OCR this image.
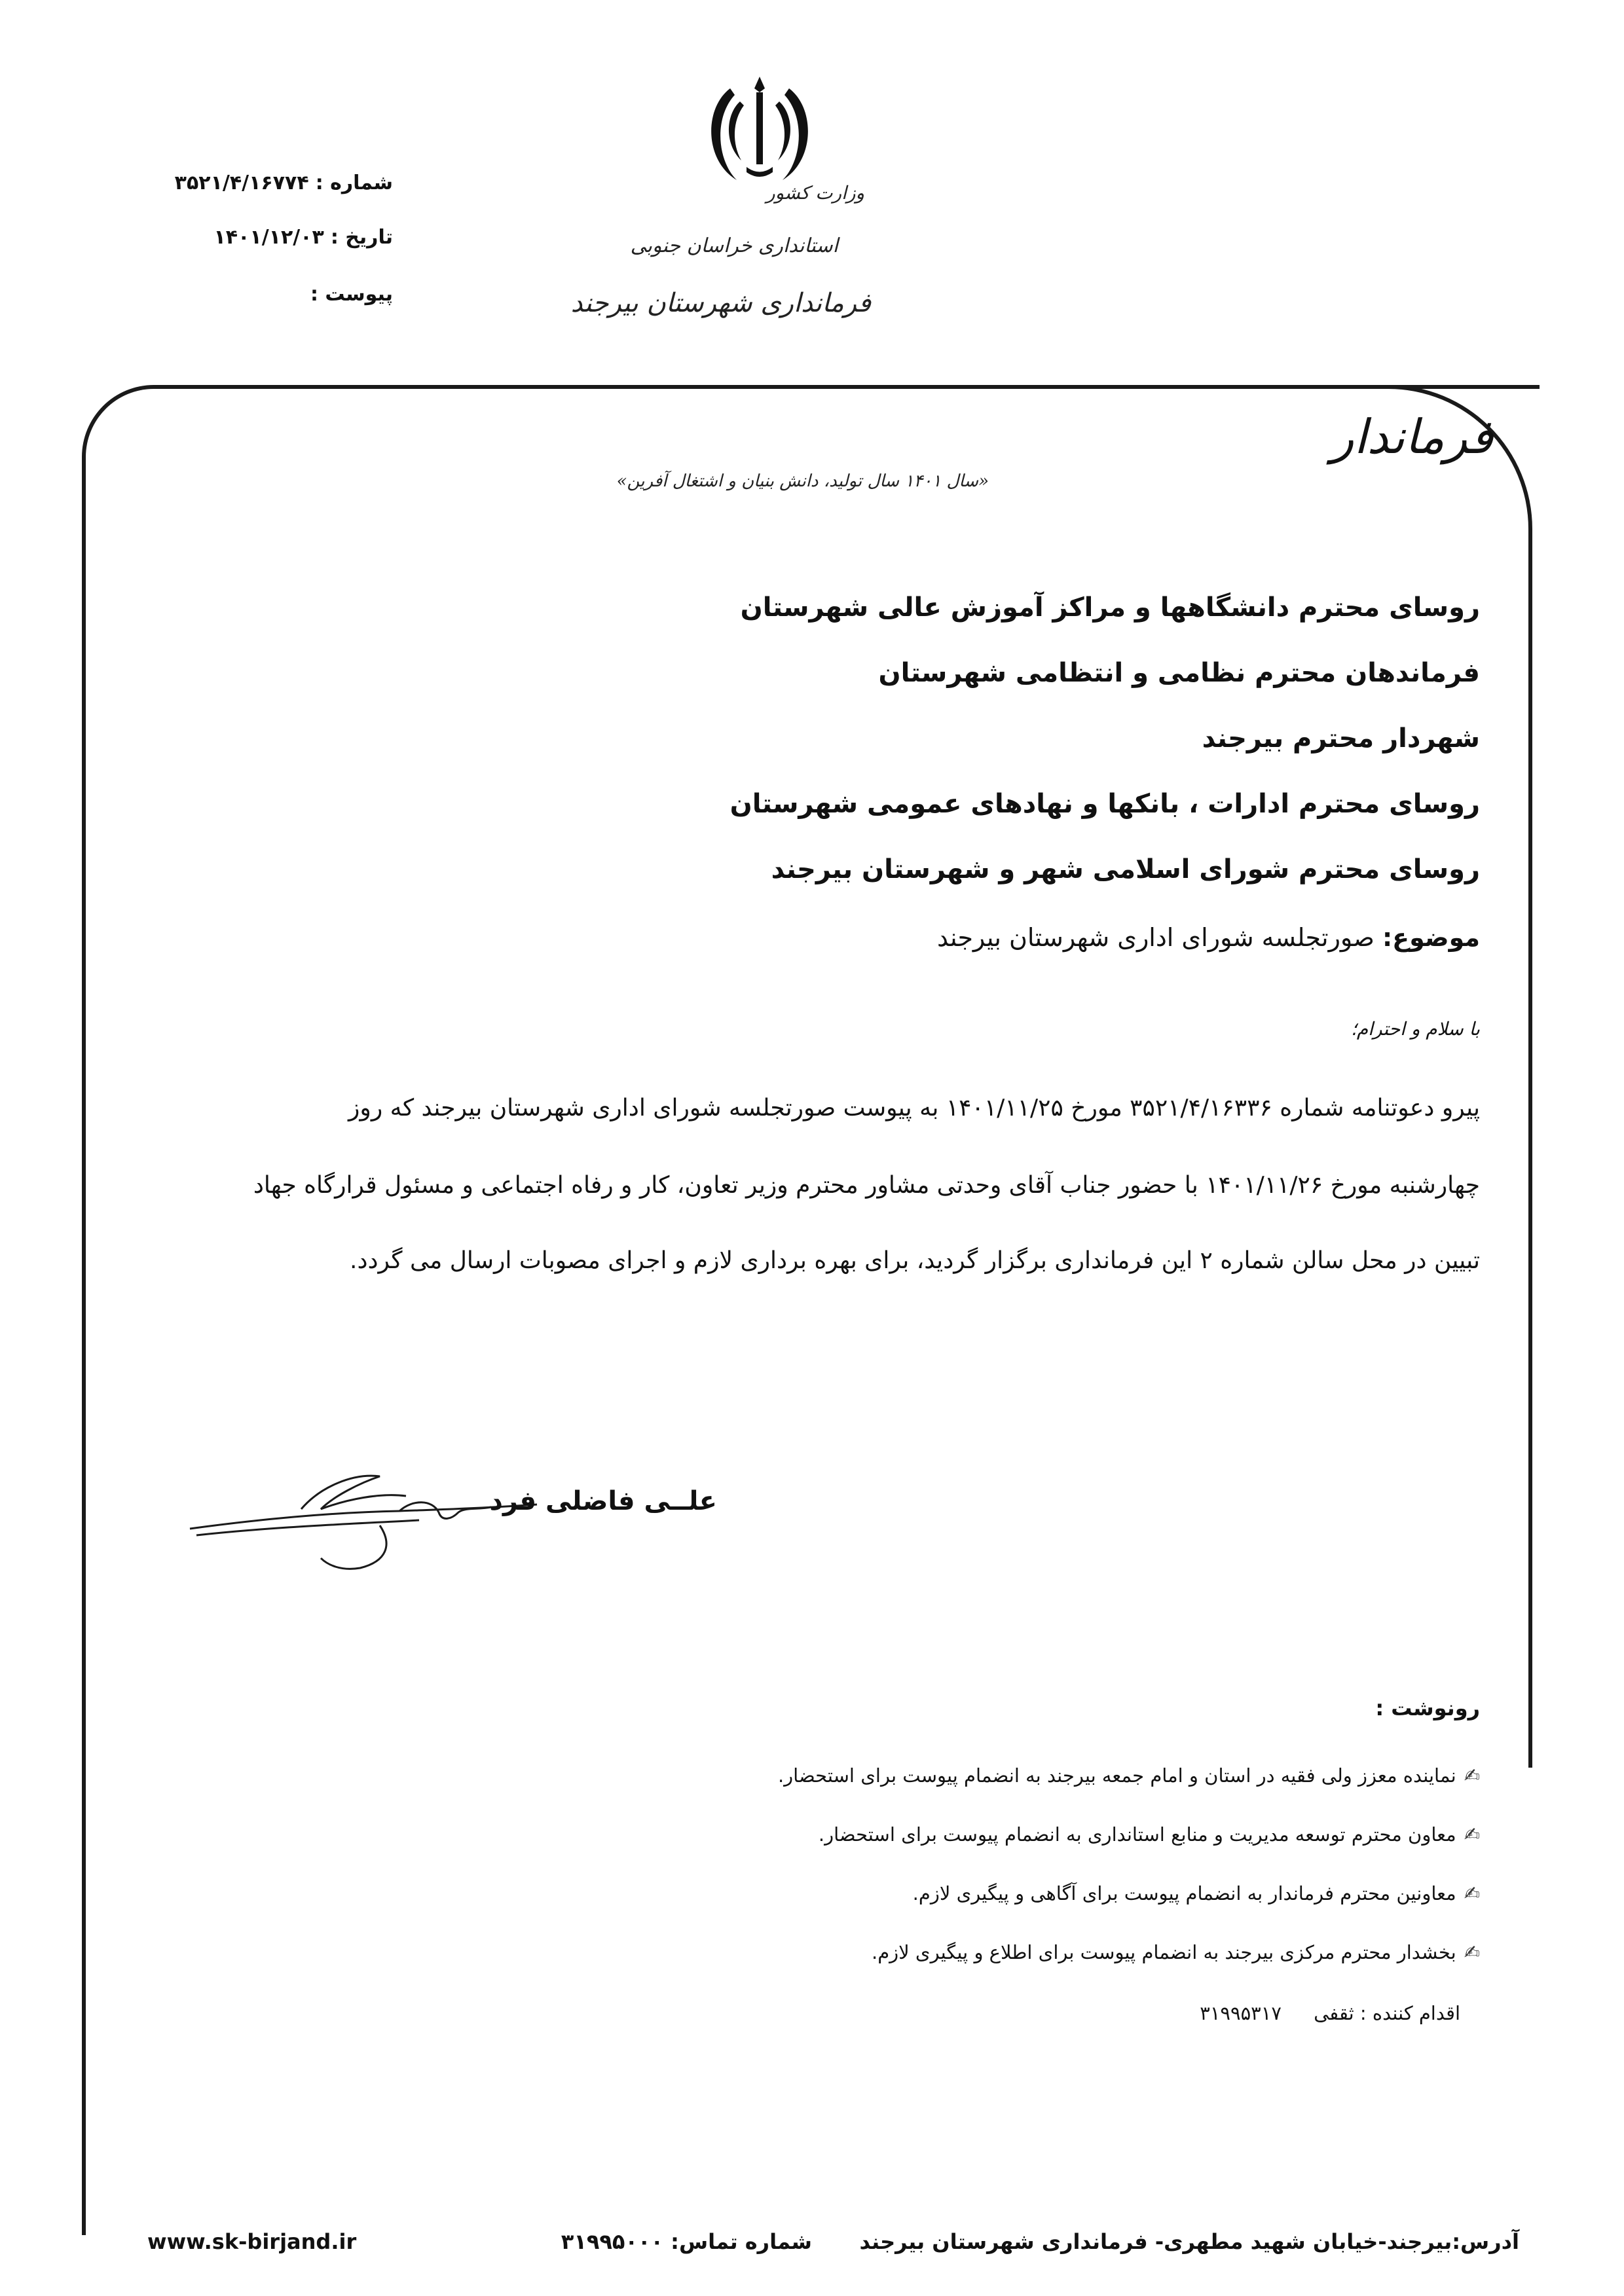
شماره :۳۵۲۱/۴/۱۶۷۷۴
تاریخ :۱۴۰۱/۱۲/۰۳
پیوست :
وزارت کشور
استانداری خراسان جنوبی
فرمانداری شهرستان بیرجند
فرماندار
«سال ۱۴۰۱ سال تولید، دانش بنیان و اشتغال آفرین»
روسای محترم دانشگاهها و مراکز آموزش عالی شهرستان
فرماندهان محترم نظامی و انتظامی شهرستان
شهردار محترم بیرجند
روسای محترم ادارات ، بانکها و نهادهای عمومی شهرستان
روسای محترم شورای اسلامی شهر و شهرستان بیرجند
موضوع: صورتجلسه شورای اداری شهرستان بیرجند
با سلام و احترام؛
پیرو دعوتنامه شماره ۳۵۲۱/۴/۱۶۳۳۶ مورخ ۱۴۰۱/۱۱/۲۵ به پیوست صورتجلسه شورای اداری شهرستان بیرجند که روز
چهارشنبه مورخ ۱۴۰۱/۱۱/۲۶ با حضور جناب آقای وحدتی مشاور محترم وزیر تعاون، کار و رفاه اجتماعی و مسئول قرارگاه جهاد
تبیین در محل سالن شماره ۲ این فرمانداری برگزار گردید، برای بهره برداری لازم و اجرای مصوبات ارسال می گردد.
علــی فاضلی فرد
رونوشت :
✍نماینده معزز ولی فقیه در استان و امام جمعه بیرجند به انضمام پیوست برای استحضار.
✍معاون محترم توسعه مدیریت و منابع استانداری به انضمام پیوست برای استحضار.
✍معاونین محترم فرماندار به انضمام پیوست برای آگاهی و پیگیری لازم.
✍بخشدار محترم مرکزی بیرجند به انضمام پیوست برای اطلاع و پیگیری لازم.
اقدام کننده : ثقفی ۳۱۹۹۵۳۱۷
www.sk-birjand.ir	شماره تماس: ۳۱۹۹۵۰۰۰	آدرس:بیرجند-خیابان شهید مطهری- فرمانداری شهرستان بیرجند
